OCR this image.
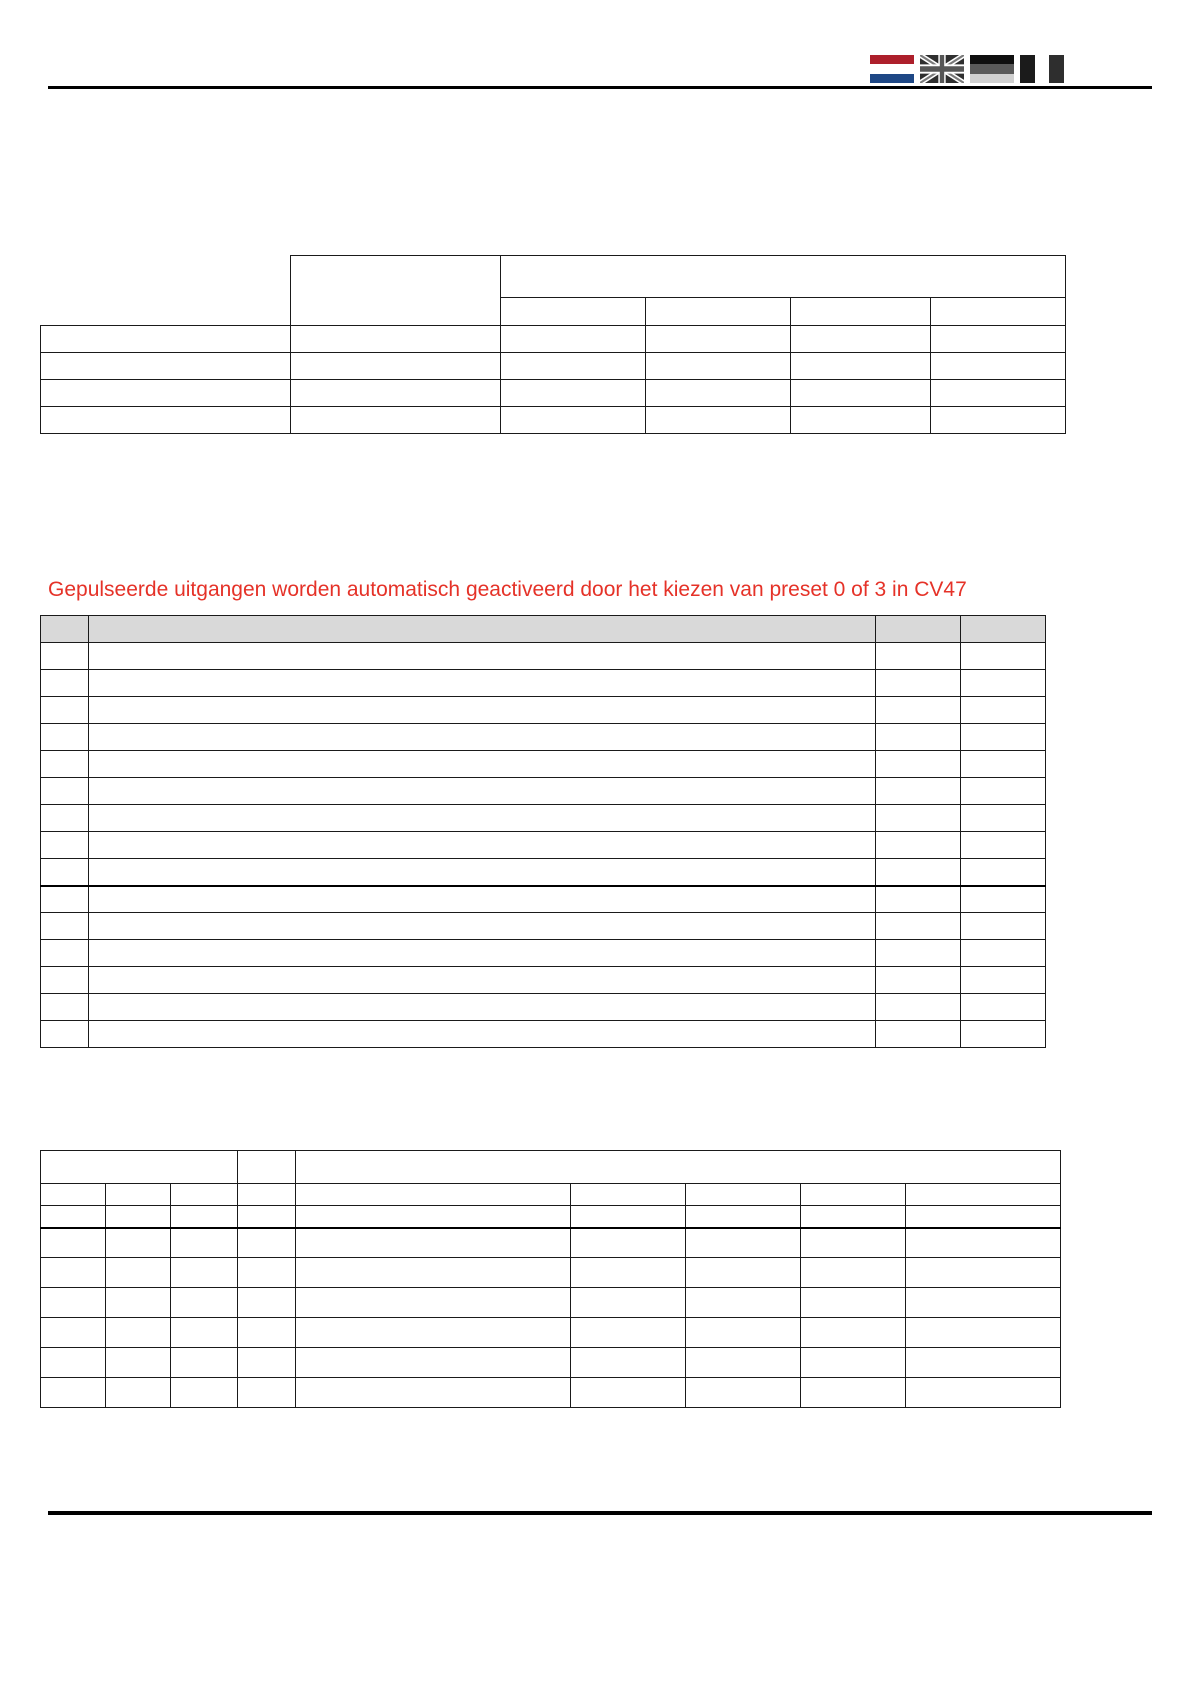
Gepulseerde uitgangen worden automatisch geactiveerd door het kiezen van preset 0 of 3 in CV47
